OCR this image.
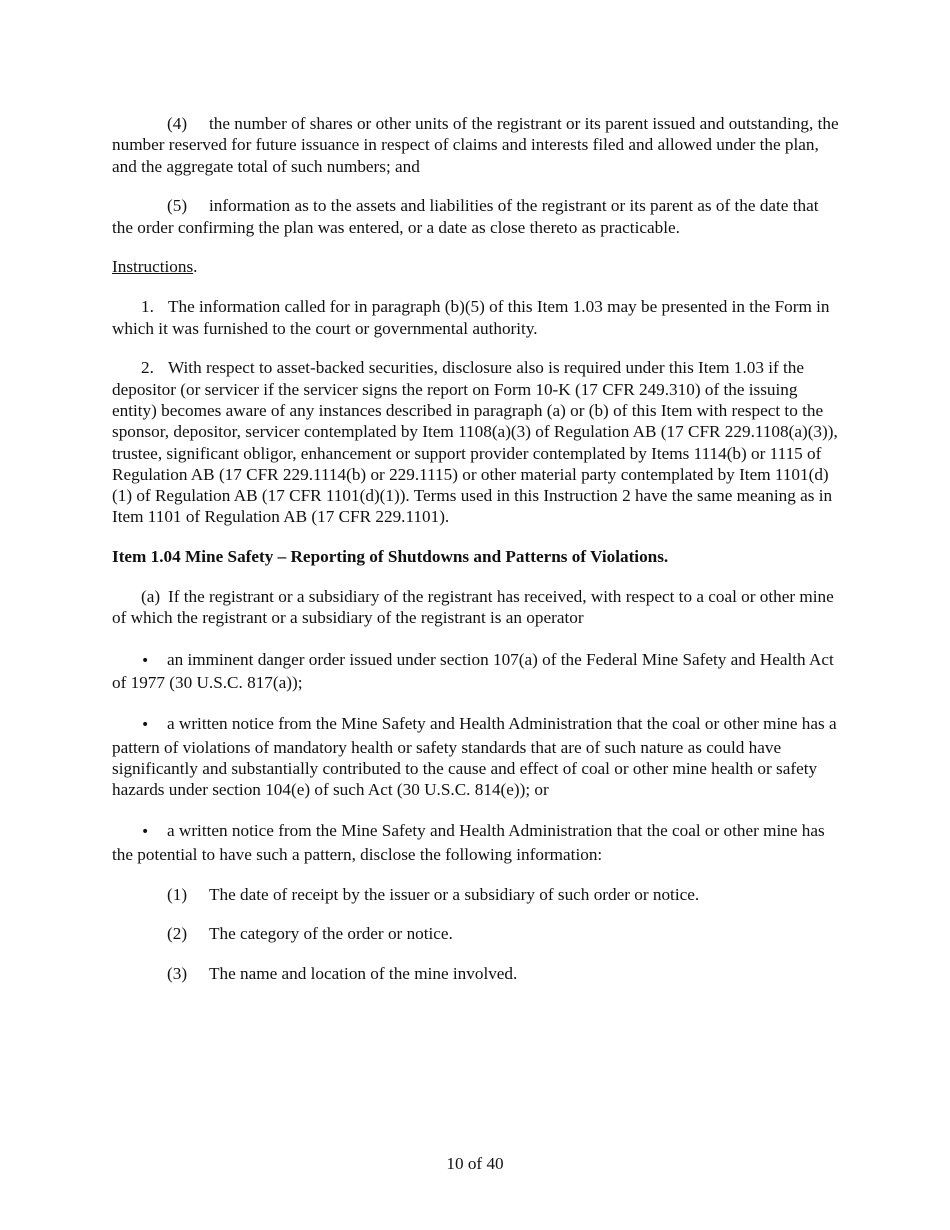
(4) the number of shares or other units of the registrant or its parent issued and outstanding, the number reserved for future issuance in respect of claims and interests filed and allowed under the plan, and the aggregate total of such numbers; and

(5) information as to the assets and liabilities of the registrant or its parent as of the date that the order confirming the plan was entered, or a date as close thereto as practicable.

Instructions.

1. The information called for in paragraph (b)(5) of this Item 1.03 may be presented in the Form in which it was furnished to the court or governmental authority.

2. With respect to asset-backed securities, disclosure also is required under this Item 1.03 if the depositor (or servicer if the servicer signs the report on Form 10-K (17 CFR 249.310) of the issuing entity) becomes aware of any instances described in paragraph (a) or (b) of this Item with respect to the sponsor, depositor, servicer contemplated by Item 1108(a)(3) of Regulation AB (17 CFR 229.1108(a)(3)), trustee, significant obligor, enhancement or support provider contemplated by Items 1114(b) or 1115 of Regulation AB (17 CFR 229.1114(b) or 229.1115) or other material party contemplated by Item 1101(d)(1) of Regulation AB (17 CFR 1101(d)(1)). Terms used in this Instruction 2 have the same meaning as in Item 1101 of Regulation AB (17 CFR 229.1101).

Item 1.04 Mine Safety – Reporting of Shutdowns and Patterns of Violations.

(a) If the registrant or a subsidiary of the registrant has received, with respect to a coal or other mine of which the registrant or a subsidiary of the registrant is an operator

• an imminent danger order issued under section 107(a) of the Federal Mine Safety and Health Act of 1977 (30 U.S.C. 817(a));

• a written notice from the Mine Safety and Health Administration that the coal or other mine has a pattern of violations of mandatory health or safety standards that are of such nature as could have significantly and substantially contributed to the cause and effect of coal or other mine health or safety hazards under section 104(e) of such Act (30 U.S.C. 814(e)); or

• a written notice from the Mine Safety and Health Administration that the coal or other mine has the potential to have such a pattern, disclose the following information:

(1) The date of receipt by the issuer or a subsidiary of such order or notice.

(2) The category of the order or notice.

(3) The name and location of the mine involved.

10 of 40
